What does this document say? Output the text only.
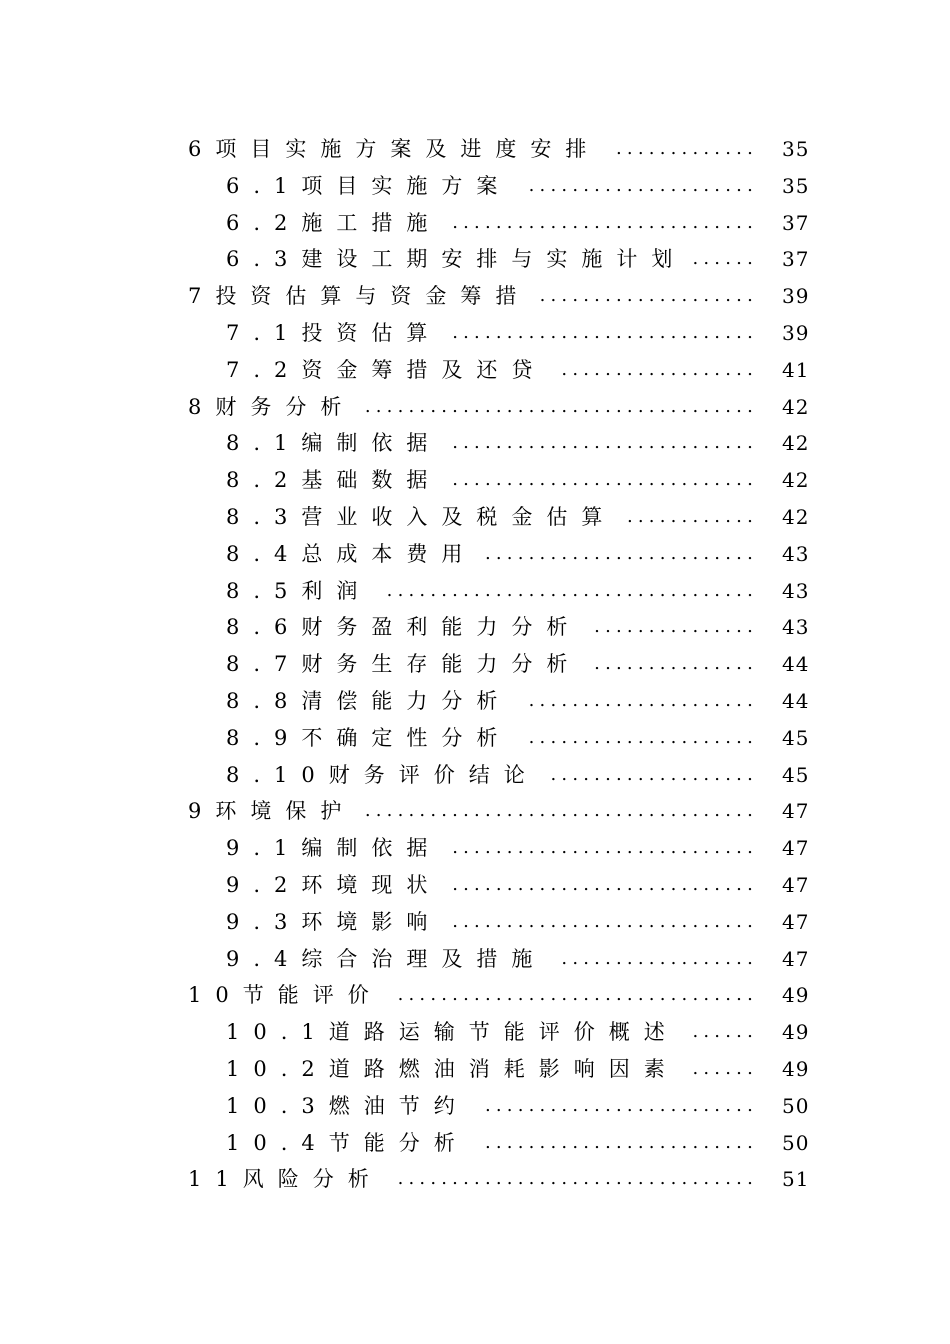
6项目实施方案及进度安排 ............. 35
6.1项目实施方案 ..................... 35
6.2施工措施 ............................ 37
6.3建设工期安排与实施计划 ...... 37
7投资估算与资金筹措 .................... 39
7.1投资估算 ............................ 39
7.2资金筹措及还贷 .................. 41
8财务分析 .................................... 42
8.1编制依据 ............................ 42
8.2基础数据 ............................ 42
8.3营业收入及税金估算 ............ 42
8.4总成本费用 ......................... 43
8.5利润 .................................. 43
8.6财务盈利能力分析 ............... 43
8.7财务生存能力分析 ............... 44
8.8清偿能力分析 ..................... 44
8.9不确定性分析 ..................... 45
8.10财务评价结论 ................... 45
9环境保护 .................................... 47
9.1编制依据 ............................ 47
9.2环境现状 ............................ 47
9.3环境影响 ............................ 47
9.4综合治理及措施 .................. 47
10节能评价 ................................. 49
10.1道路运输节能评价概述 ...... 49
10.2道路燃油消耗影响因素 ...... 49
10.3燃油节约 ......................... 50
10.4节能分析 ......................... 50
11风险分析 ................................. 51
